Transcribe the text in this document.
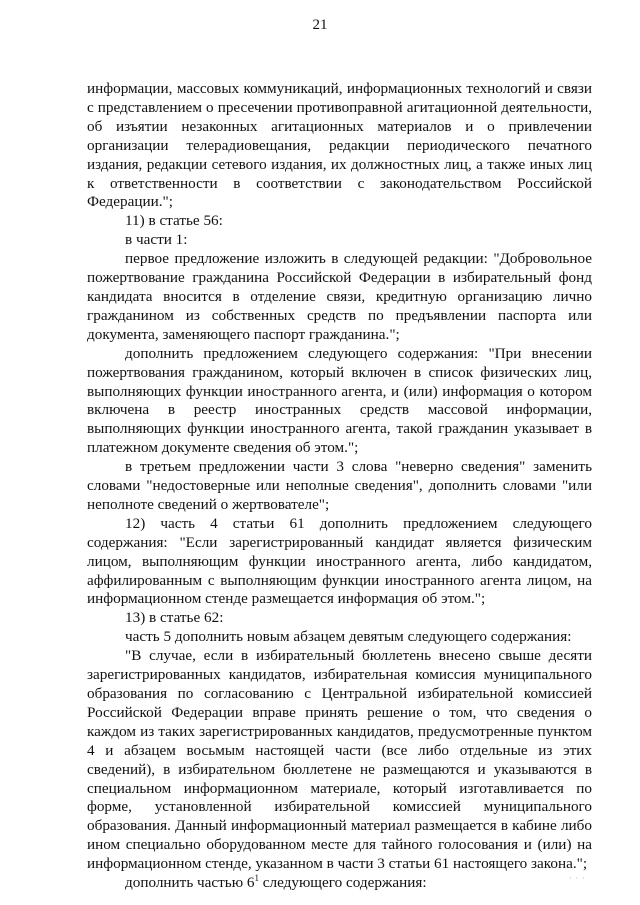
21

информации, массовых коммуникаций, информационных технологий и связи с представлением о пресечении противоправной агитационной деятельности, об изъятии незаконных агитационных материалов и о привлечении организации телерадиовещания, редакции периодического печатного издания, редакции сетевого издания, их должностных лиц, а также иных лиц к ответственности в соответствии с законодательством Российской Федерации.";

11) в статье 56:

в части 1:

первое предложение изложить в следующей редакции: "Добровольное пожертвование гражданина Российской Федерации в избирательный фонд кандидата вносится в отделение связи, кредитную организацию лично гражданином из собственных средств по предъявлении паспорта или документа, заменяющего паспорт гражданина.";

дополнить предложением следующего содержания: "При внесении пожертвования гражданином, который включен в список физических лиц, выполняющих функции иностранного агента, и (или) информация о котором включена в реестр иностранных средств массовой информации, выполняющих функции иностранного агента, такой гражданин указывает в платежном документе сведения об этом.";

в третьем предложении части 3 слова "неверно сведения" заменить словами "недостоверные или неполные сведения", дополнить словами "или неполноте сведений о жертвователе";

12) часть 4 статьи 61 дополнить предложением следующего содержания: "Если зарегистрированный кандидат является физическим лицом, выполняющим функции иностранного агента, либо кандидатом, аффилированным с выполняющим функции иностранного агента лицом, на информационном стенде размещается информация об этом.";

13) в статье 62:

часть 5 дополнить новым абзацем девятым следующего содержания:

"В случае, если в избирательный бюллетень внесено свыше десяти зарегистрированных кандидатов, избирательная комиссия муниципального образования по согласованию с Центральной избирательной комиссией Российской Федерации вправе принять решение о том, что сведения о каждом из таких зарегистрированных кандидатов, предусмотренные пунктом 4 и абзацем восьмым настоящей части (все либо отдельные из этих сведений), в избирательном бюллетене не размещаются и указываются в специальном информационном материале, который изготавливается по форме, установленной избирательной комиссией муниципального образования. Данный информационный материал размещается в кабине либо ином специально оборудованном месте для тайного голосования и (или) на информационном стенде, указанном в части 3 статьи 61 настоящего закона.";

дополнить частью $6^1$ следующего содержания:	· · ·
